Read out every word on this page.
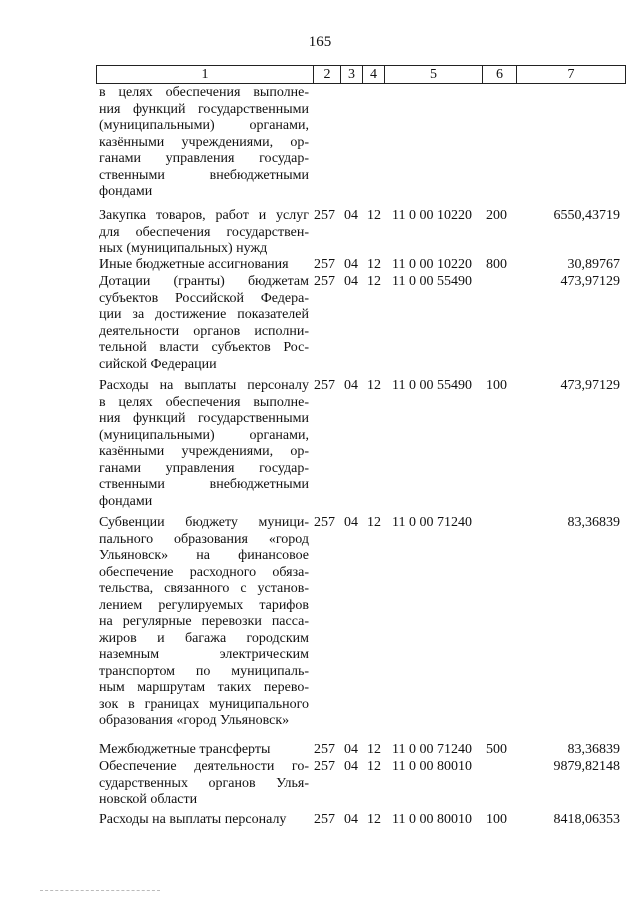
165
1	2	3	4	5	6	7
в целях обеспечения выполне-
ния функций государственными
(муниципальными) органами,
казёнными учреждениями, ор-
ганами управления государ-
ственными внебюджетными
фондами
Закупка товаров, работ и услуг
для обеспечения государствен-
ных (муниципальных) нужд
257 04 12 11 0 00 10220 200	6550,43719
Иные бюджетные ассигнования	257 04 12 11 0 00 10220 800	30,89767
Дотации (гранты) бюджетам
субъектов Российской Федера-
ции за достижение показателей
деятельности органов исполни-
тельной власти субъектов Рос-
сийской Федерации
257 04 12 11 0 00 55490	473,97129
Расходы на выплаты персоналу
в целях обеспечения выполне-
ния функций государственными
(муниципальными) органами,
казёнными учреждениями, ор-
ганами управления государ-
ственными внебюджетными
фондами
257 04 12 11 0 00 55490 100	473,97129
Субвенции бюджету муници-
пального образования «город
Ульяновск» на финансовое
обеспечение расходного обяза-
тельства, связанного с установ-
лением регулируемых тарифов
на регулярные перевозки пасса-
жиров и багажа городским
наземным электрическим
транспортом по муниципаль-
ным маршрутам таких перево-
зок в границах муниципального
образования «город Ульяновск»
257 04 12 11 0 00 71240	83,36839
Межбюджетные трансферты	257 04 12 11 0 00 71240 500	83,36839
Обеспечение деятельности го-
сударственных органов Улья-
новской области
257 04 12 11 0 00 80010	9879,82148
Расходы на выплаты персоналу	257 04 12 11 0 00 80010 100	8418,06353
